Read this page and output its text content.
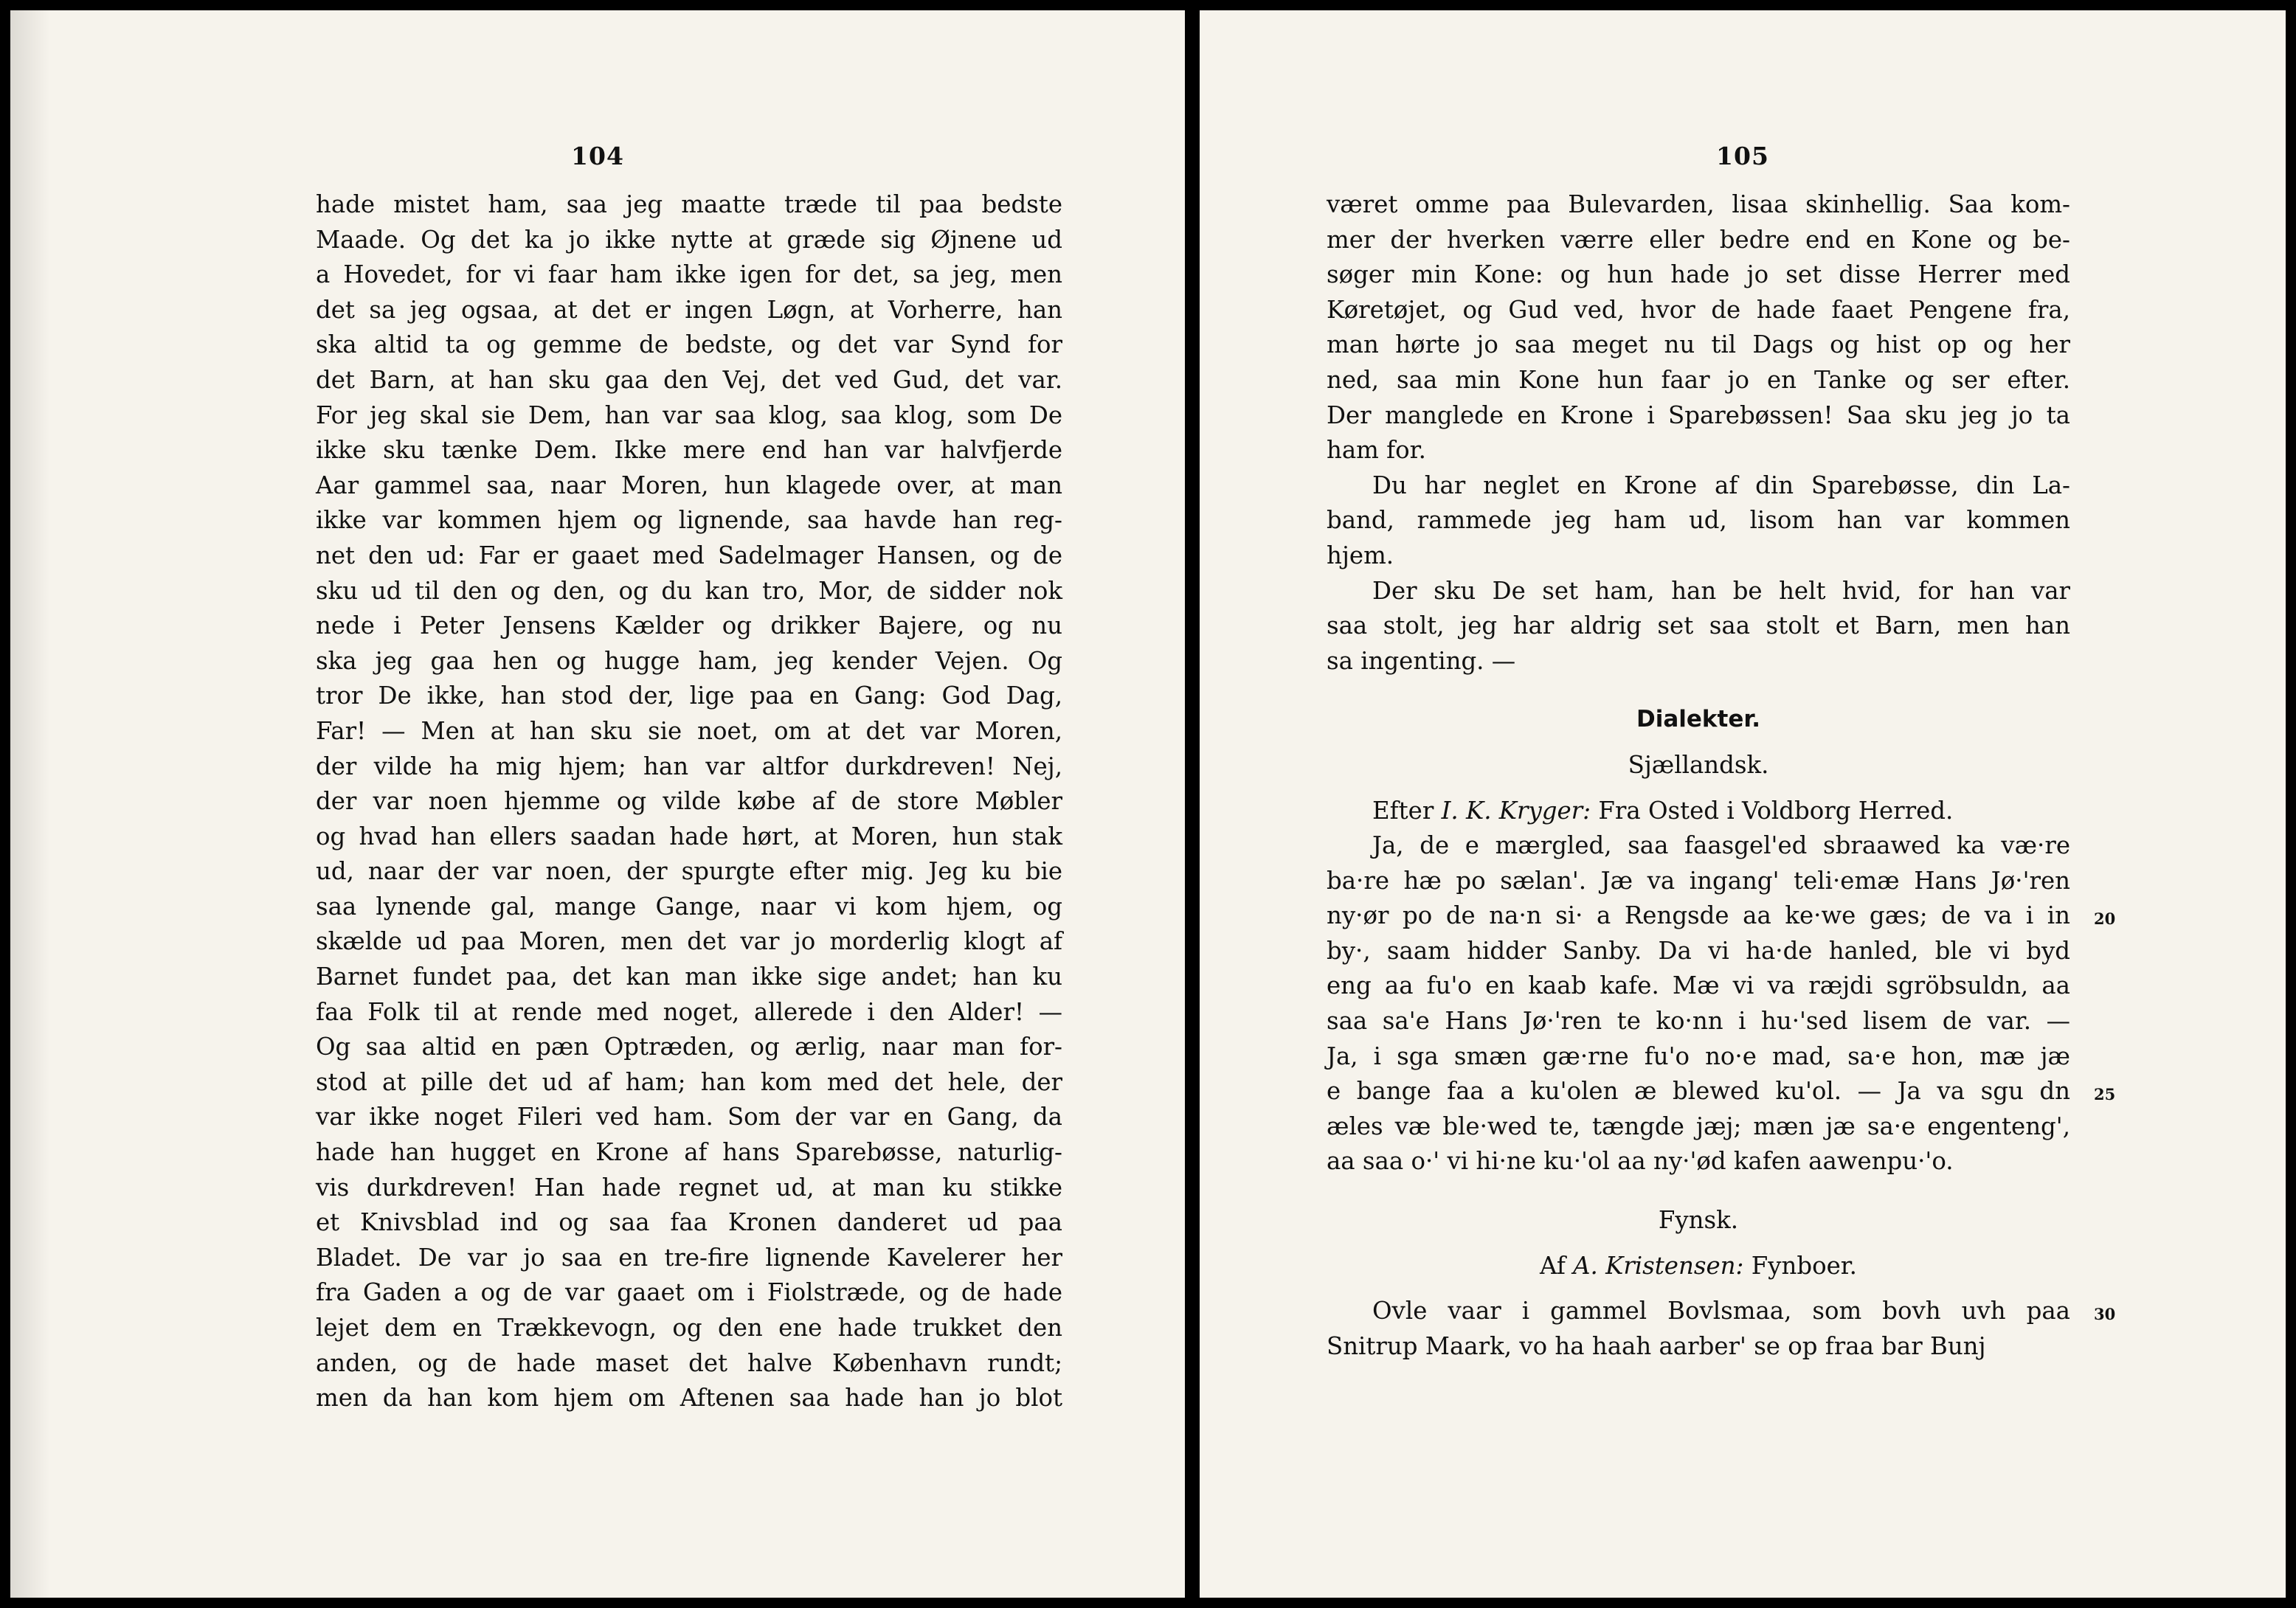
104
hade mistet ham, saa jeg maatte træde til paa bedste
Maade. Og det ka jo ikke nytte at græde sig Øjnene ud
a Hovedet, for vi faar ham ikke igen for det, sa jeg, men
det sa jeg ogsaa, at det er ingen Løgn, at Vorherre, han
ska altid ta og gemme de bedste, og det var Synd for
det Barn, at han sku gaa den Vej, det ved Gud, det var.
For jeg skal sie Dem, han var saa klog, saa klog, som De
ikke sku tænke Dem. Ikke mere end han var halvfjerde
Aar gammel saa, naar Moren, hun klagede over, at man
ikke var kommen hjem og lignende, saa havde han reg-
net den ud: Far er gaaet med Sadelmager Hansen, og de
sku ud til den og den, og du kan tro, Mor, de sidder nok
nede i Peter Jensens Kælder og drikker Bajere, og nu
ska jeg gaa hen og hugge ham, jeg kender Vejen. Og
tror De ikke, han stod der, lige paa en Gang: God Dag,
Far! — Men at han sku sie noet, om at det var Moren,
der vilde ha mig hjem; han var altfor durkdreven! Nej,
der var noen hjemme og vilde købe af de store Møbler
og hvad han ellers saadan hade hørt, at Moren, hun stak
ud, naar der var noen, der spurgte efter mig. Jeg ku bie
saa lynende gal, mange Gange, naar vi kom hjem, og
skælde ud paa Moren, men det var jo morderlig klogt af
Barnet fundet paa, det kan man ikke sige andet; han ku
faa Folk til at rende med noget, allerede i den Alder! —
Og saa altid en pæn Optræden, og ærlig, naar man for-
stod at pille det ud af ham; han kom med det hele, der
var ikke noget Fileri ved ham. Som der var en Gang, da
hade han hugget en Krone af hans Sparebøsse, naturlig-
vis durkdreven! Han hade regnet ud, at man ku stikke
et Knivsblad ind og saa faa Kronen danderet ud paa
Bladet. De var jo saa en tre-fire lignende Kavelerer her
fra Gaden a og de var gaaet om i Fiolstræde, og de hade
lejet dem en Trækkevogn, og den ene hade trukket den
anden, og de hade maset det halve København rundt;
men da han kom hjem om Aftenen saa hade han jo blot
105
været omme paa Bulevarden, lisaa skinhellig. Saa kom-
mer der hverken værre eller bedre end en Kone og be-
søger min Kone: og hun hade jo set disse Herrer med
Køretøjet, og Gud ved, hvor de hade faaet Pengene fra,
man hørte jo saa meget nu til Dags og hist op og her
ned, saa min Kone hun faar jo en Tanke og ser efter.
Der manglede en Krone i Sparebøssen! Saa sku jeg jo ta
ham for.
Du har neglet en Krone af din Sparebøsse, din La-
band, rammede jeg ham ud, lisom han var kommen
hjem.
Der sku De set ham, han be helt hvid, for han var
saa stolt, jeg har aldrig set saa stolt et Barn, men han
sa ingenting. —
Dialekter.
Sjællandsk.
Efter I. K. Kryger: Fra Osted i Voldborg Herred.
Ja, de e mærgled, saa faasgel'ed sbraawed ka væ·re
ba·re hæ po sælan'. Jæ va ingang' teli·emæ Hans Jø·'ren
ny·ør po de na·n si· a Rengsde aa ke·we gæs; de va i in 20
by·, saam hidder Sanby. Da vi ha·de hanled, ble vi byd
eng aa fu'o en kaab kafe. Mæ vi va ræjdi sgröbsuldn, aa
saa sa'e Hans Jø·'ren te ko·nn i hu·'sed lisem de var. —
Ja, i sga smæn gæ·rne fu'o no·e mad, sa·e hon, mæ jæ
e bange faa a ku'olen æ blewed ku'ol. — Ja va sgu dn 25
æles væ ble·wed te, tængde jæj; mæn jæ sa·e engenteng',
aa saa o·' vi hi·ne ku·'ol aa ny·'ød kafen aawenpu·'o.
Fynsk.
Af A. Kristensen: Fynboer.
Ovle vaar i gammel Bovlsmaa, som bovh uvh paa 30
Snitrup Maark, vo ha haah aarber' se op fraa bar Bunj
